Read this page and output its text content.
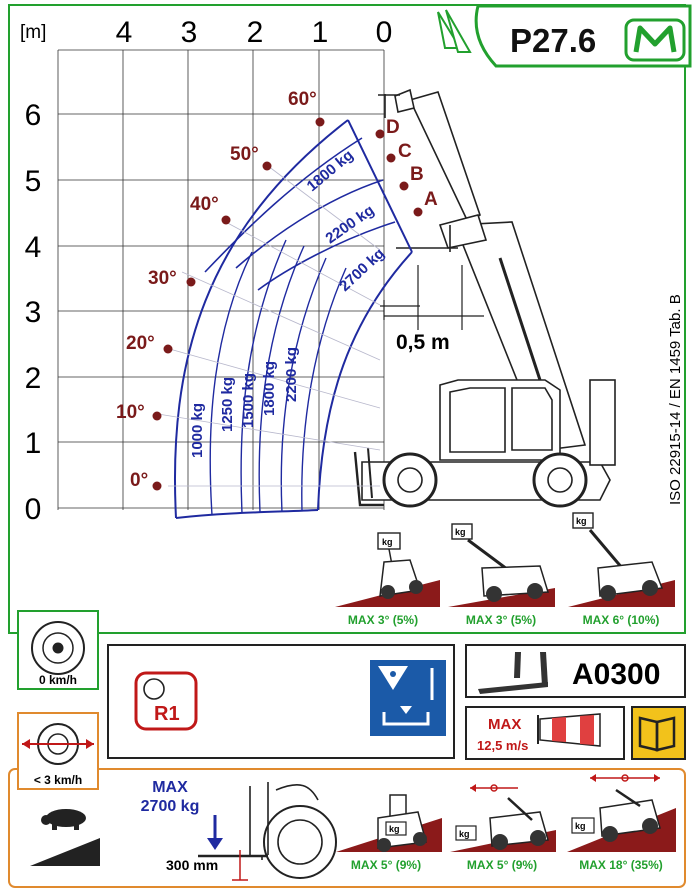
P27.6
[m] 4 3 2 1 0
6
5
4
3
2
1
0
0,5 m
A
B
C
D
1800 kg
2200 kg
2700 kg
1000 kg 1250 kg 1500 kg 1800 kg 2200 kg
0°
10°
20°
30°
40°
50°
60°
ISO 22915-14 / EN 1459 Tab. B
kg
kg
kg
MAX 3° (5%)	MAX 3° (5%)	MAX 6° (10%)
0 km/h
< 3 km/h
R1
A0300
MAX
12,5 m/s
MAX
2700 kg
300 mm
kg	kg
kg
MAX 5° (9%)	MAX 5° (9%)	MAX 18° (35%)
